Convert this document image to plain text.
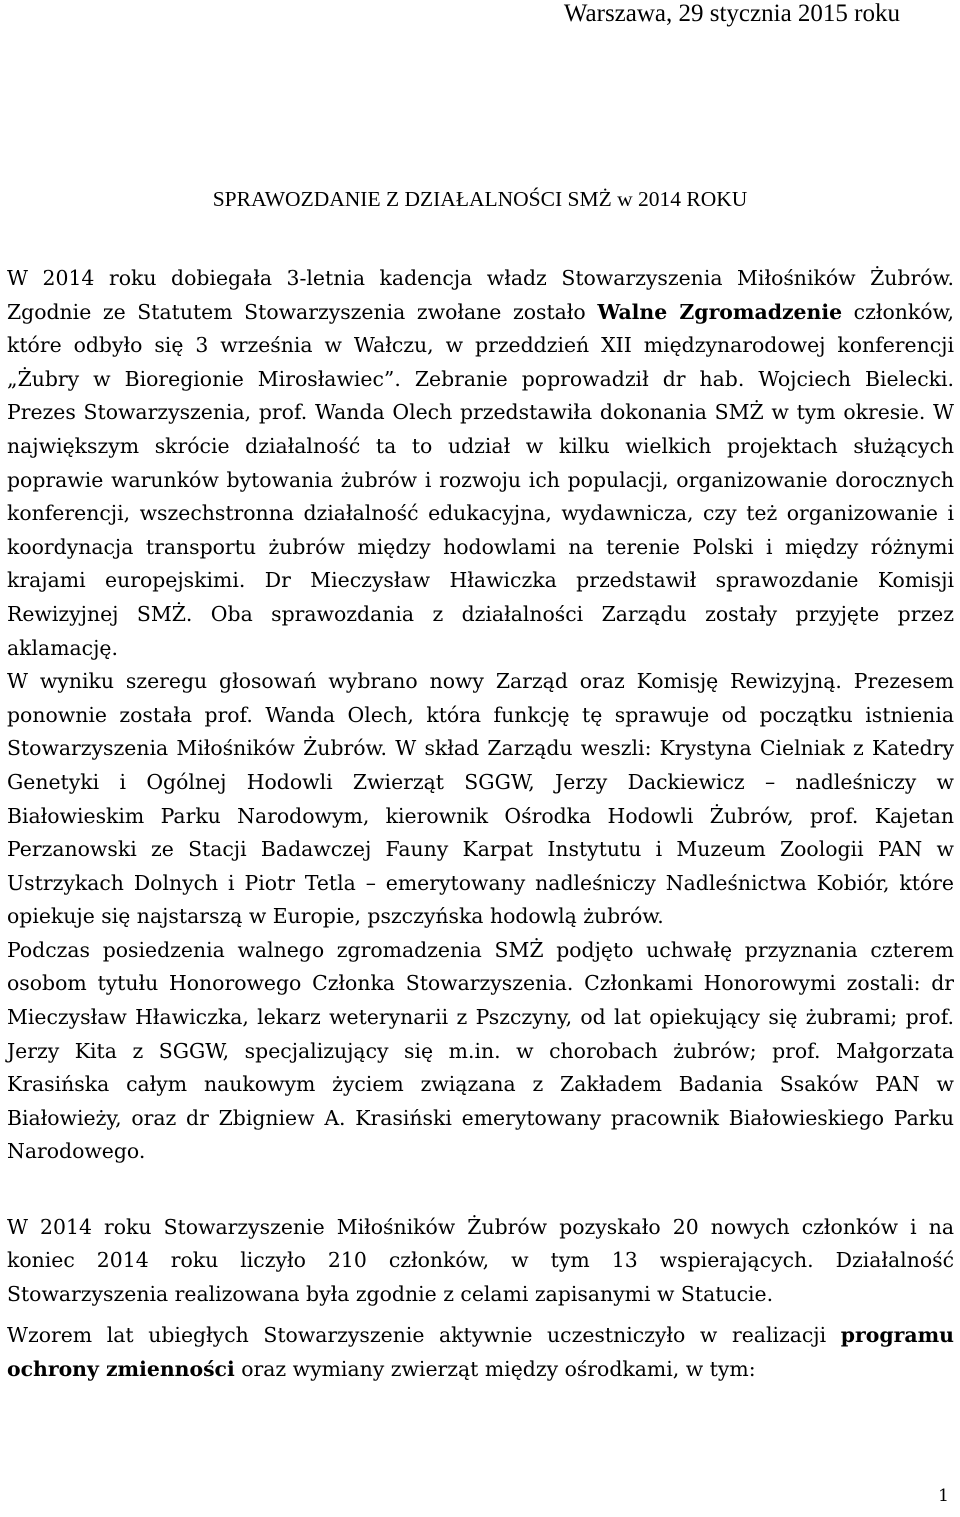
Warszawa, 29 stycznia 2015 roku
SPRAWOZDANIE Z DZIAŁALNOŚCI SMŻ w 2014 ROKU

W 2014 roku dobiegała 3-letnia kadencja władz Stowarzyszenia Miłośników Żubrów. Zgodnie ze Statutem Stowarzyszenia zwołane zostało Walne Zgromadzenie członków, które odbyło się 3 września w Wałczu, w przeddzień XII międzynarodowej konferencji „Żubry w Bioregionie Mirosławiec”. Zebranie poprowadził dr hab. Wojciech Bielecki. Prezes Stowarzyszenia, prof. Wanda Olech przedstawiła dokonania SMŻ w tym okresie. W największym skrócie działalność ta to udział w kilku wielkich projektach służących poprawie warunków bytowania żubrów i rozwoju ich populacji, organizowanie dorocznych konferencji, wszechstronna działalność edukacyjna, wydawnicza, czy też organizowanie i koordynacja transportu żubrów między hodowlami na terenie Polski i między różnymi krajami europejskimi. Dr Mieczysław Hławiczka przedstawił sprawozdanie Komisji Rewizyjnej SMŻ. Oba sprawozdania z działalności Zarządu zostały przyjęte przez aklamację.

W wyniku szeregu głosowań wybrano nowy Zarząd oraz Komisję Rewizyjną. Prezesem ponownie została prof. Wanda Olech, która funkcję tę sprawuje od początku istnienia Stowarzyszenia Miłośników Żubrów. W skład Zarządu weszli: Krystyna Cielniak z Katedry Genetyki i Ogólnej Hodowli Zwierząt SGGW, Jerzy Dackiewicz – nadleśniczy w Białowieskim Parku Narodowym, kierownik Ośrodka Hodowli Żubrów, prof. Kajetan Perzanowski ze Stacji Badawczej Fauny Karpat Instytutu i Muzeum Zoologii PAN w Ustrzykach Dolnych i Piotr Tetla – emerytowany nadleśniczy Nadleśnictwa Kobiór, które opiekuje się najstarszą w Europie, pszczyńska hodowlą żubrów.

Podczas posiedzenia walnego zgromadzenia SMŻ podjęto uchwałę przyznania czterem osobom tytułu Honorowego Członka Stowarzyszenia. Członkami Honorowymi zostali: dr Mieczysław Hławiczka, lekarz weterynarii z Pszczyny, od lat opiekujący się żubrami; prof. Jerzy Kita z SGGW, specjalizujący się m.in. w chorobach żubrów; prof. Małgorzata Krasińska całym naukowym życiem związana z Zakładem Badania Ssaków PAN w Białowieży, oraz dr Zbigniew A. Krasiński emerytowany pracownik Białowieskiego Parku Narodowego.

W 2014 roku Stowarzyszenie Miłośników Żubrów pozyskało 20 nowych członków i na koniec 2014 roku liczyło 210 członków, w tym 13 wspierających. Działalność Stowarzyszenia realizowana była zgodnie z celami zapisanymi w Statucie.

Wzorem lat ubiegłych Stowarzyszenie aktywnie uczestniczyło w realizacji programu ochrony zmienności oraz wymiany zwierząt między ośrodkami, w tym:

1
